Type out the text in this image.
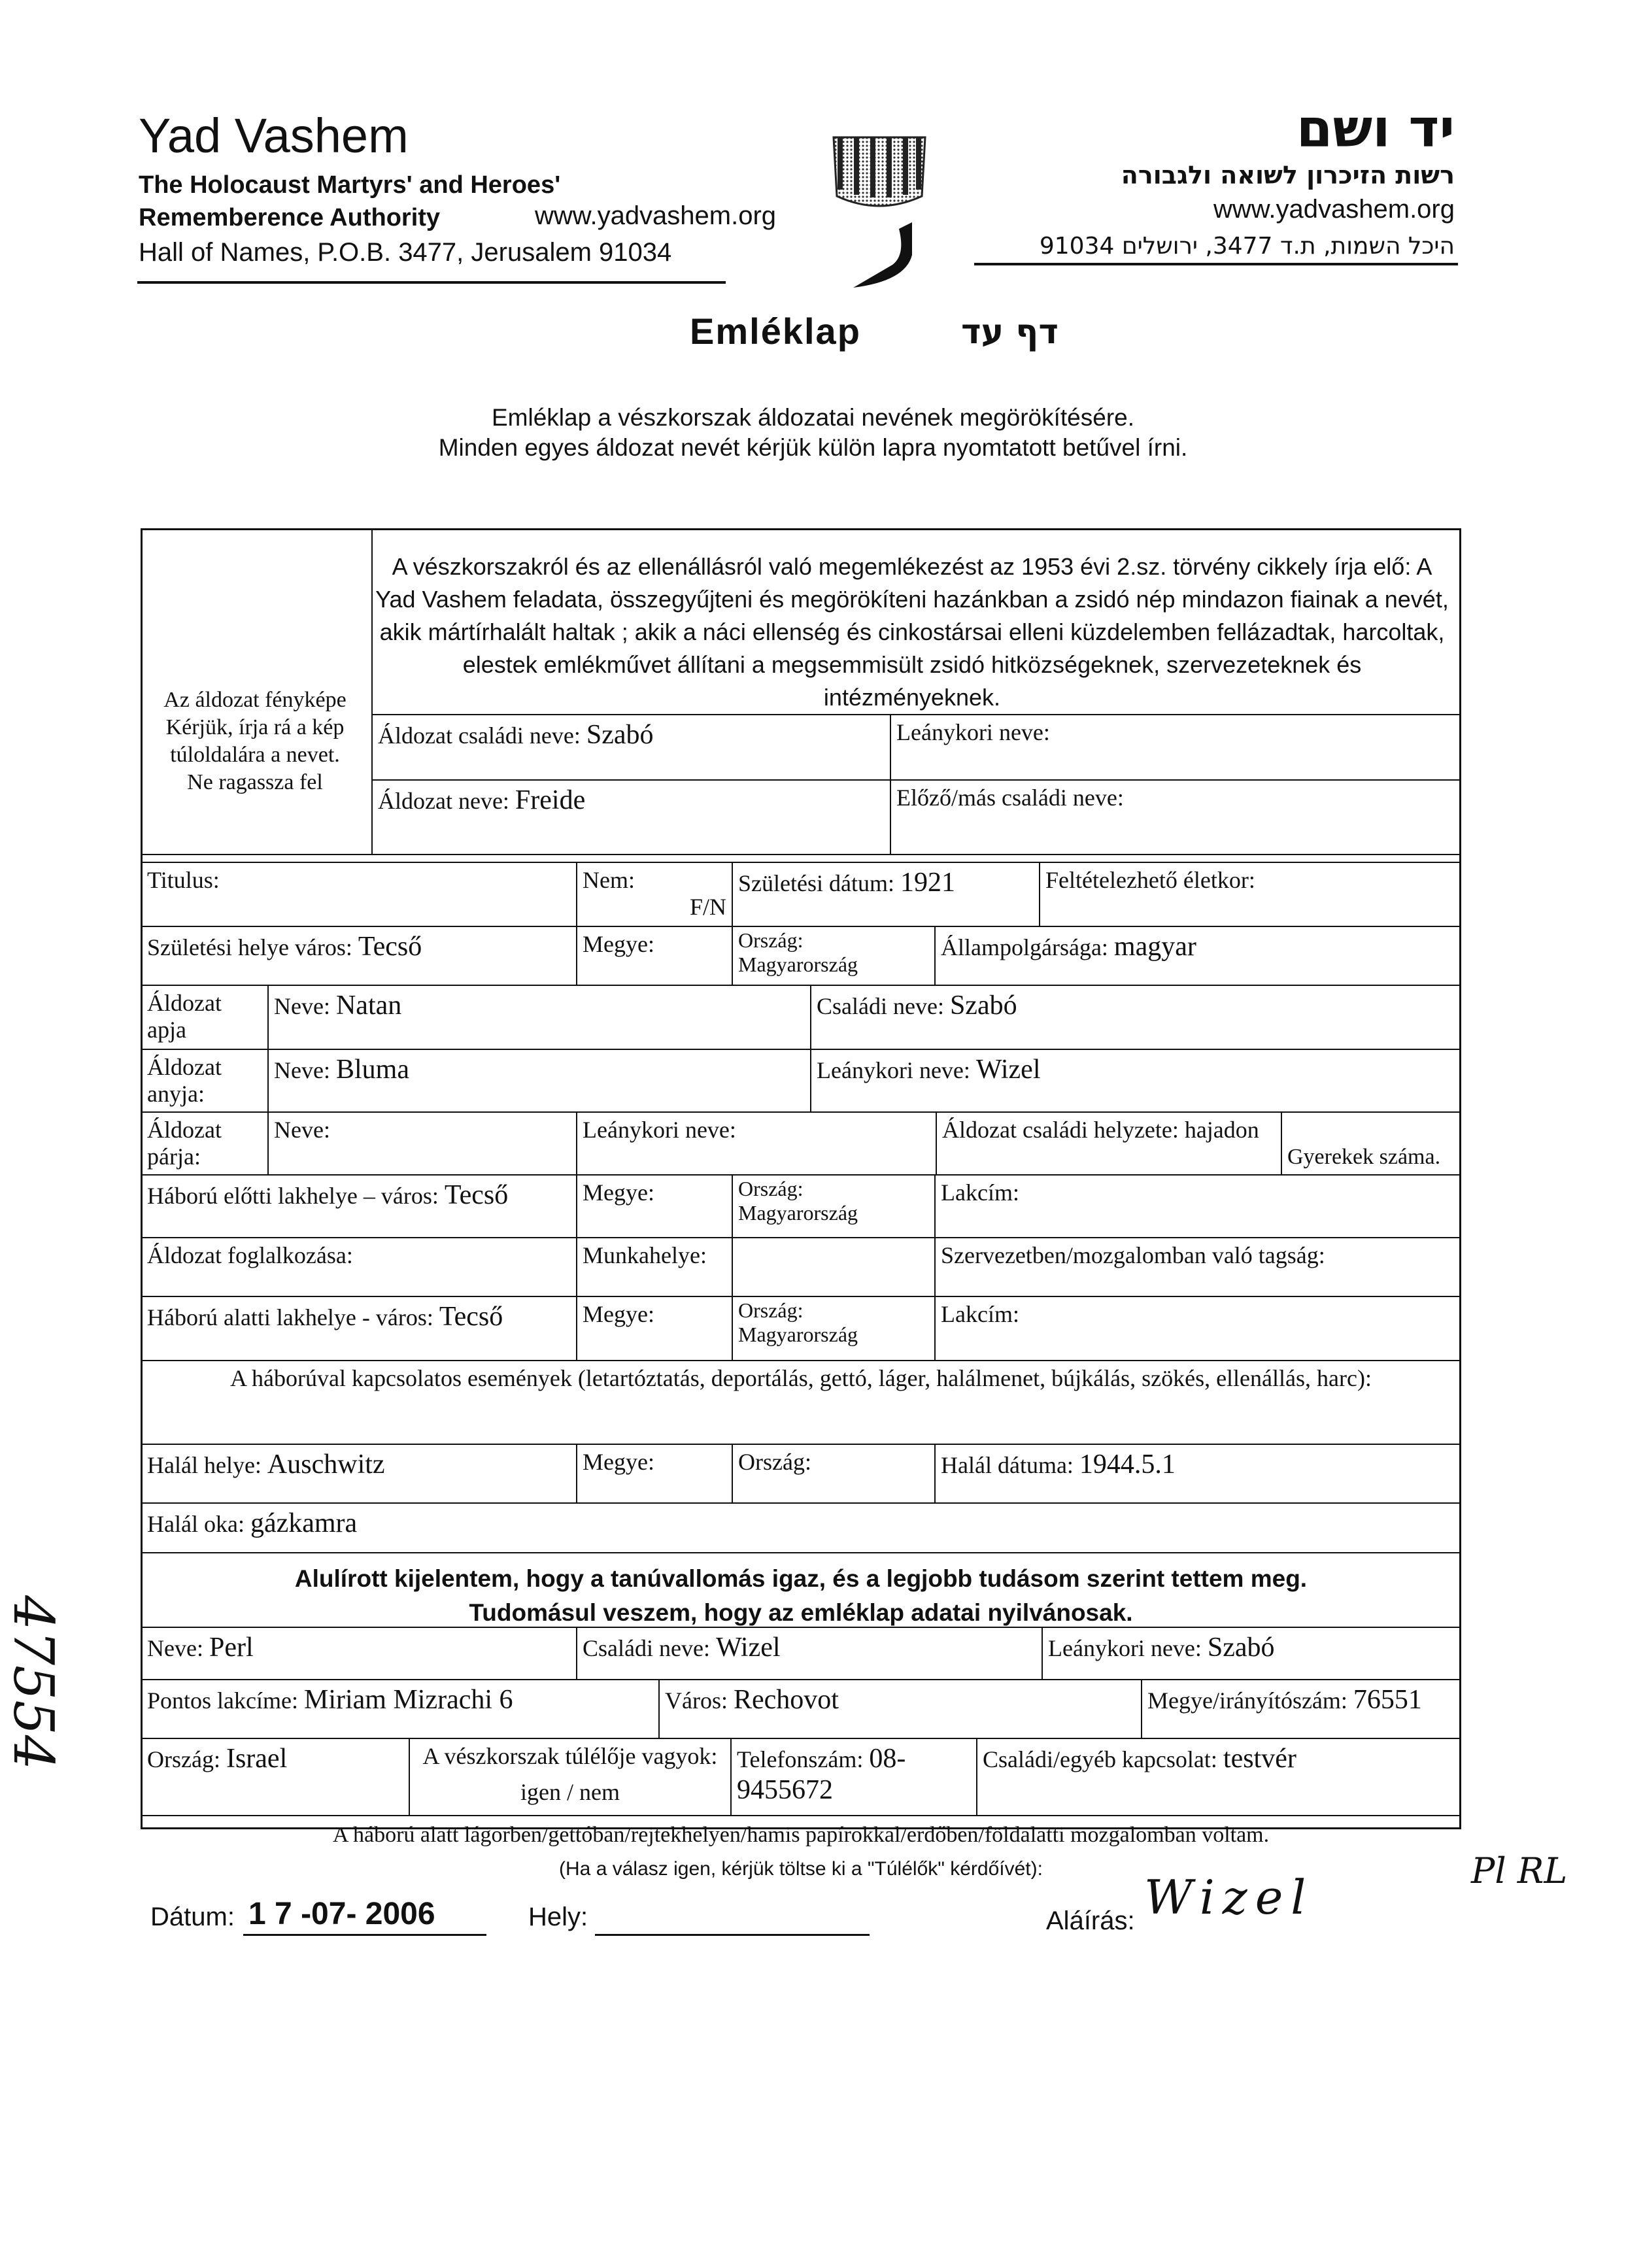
Yad Vashem
The Holocaust Martyrs' and Heroes'
Rememberence Authority	www.yadvashem.org
Hall of Names, P.O.B. 3477, Jerusalem 91034
יד ושם
רשות הזיכרון לשואה ולגבורה
www.yadvashem.org
היכל השמות, ת.ד 3477, ירושלים 91034
Emléklap	דף עד
Emléklap a vészkorszak áldozatai nevének megörökítésére.
Minden egyes áldozat nevét kérjük külön lapra nyomtatott betűvel írni.
Az áldozat fényképe
Kérjük, írja rá a kép
túloldalára a nevet.
Ne ragassza fel
A vészkorszakról és az ellenállásról való megemlékezést az 1953 évi 2.sz. törvény cikkely írja elő: A Yad Vashem feladata, összegyűjteni és megörökíteni hazánkban a zsidó nép mindazon fiainak a nevét, akik mártírhalált haltak ; akik a náci ellenség és cinkostársai elleni küzdelemben fellázadtak, harcoltak, elestek emlékművet állítani a megsemmisült zsidó hitközségeknek, szervezeteknek és intézményeknek.
Áldozat családi neve: Szabó	Leánykori neve:
Áldozat neve: Freide	Előző/más családi neve:
Titulus:	Nem:
F/N
Születési dátum: 1921	Feltételezhető életkor:
Születési helye város: Tecső	Megye:	Ország:
Magyarország
Állampolgársága: magyar
Áldozat apja
Neve: Natan	Családi neve: Szabó
Áldozat anyja:
Neve: Bluma	Leánykori neve: Wizel
Áldozat párja:
Neve:	Leánykori neve:	Áldozat családi helyzete: hajadon
Gyerekek száma.
Háború előtti lakhelye – város: Tecső	Megye:	Ország:
Magyarország
Lakcím:
Áldozat foglalkozása:	Munkahelye:	Szervezetben/mozgalomban való tagság:
Háború alatti lakhelye - város: Tecső	Megye:	Ország:
Magyarország
Lakcím:
A háborúval kapcsolatos események (letartóztatás, deportálás, gettó, láger, halálmenet, bújkálás, szökés, ellenállás, harc):
Halál helye: Auschwitz	Megye:	Ország:	Halál dátuma: 1944.5.1
Halál oka: gázkamra
Alulírott kijelentem, hogy a tanúvallomás igaz, és a legjobb tudásom szerint tettem meg.
Tudomásul veszem, hogy az emléklap adatai nyilvánosak.
Neve: Perl	Családi neve: Wizel	Leánykori neve: Szabó
Pontos lakcíme: Miriam Mizrachi 6	Város: Rechovot	Megye/irányítószám: 76551
Ország: Israel	A vészkorszak túlélője vagyok:
igen / nem
Telefonszám: 08-
9455672
Családi/egyéb kapcsolat: testvér
A háború alatt lágorben/gettóban/rejtekhelyen/hamis papírokkal/erdőben/földalatti mozgalomban voltam.
(Ha a válasz igen, kérjük töltse ki a "Túlélők" kérdőívét):
Dátum: 1 7 -07- 2006	Hely:	Aláírás: Wizel	Pl RL
47554
